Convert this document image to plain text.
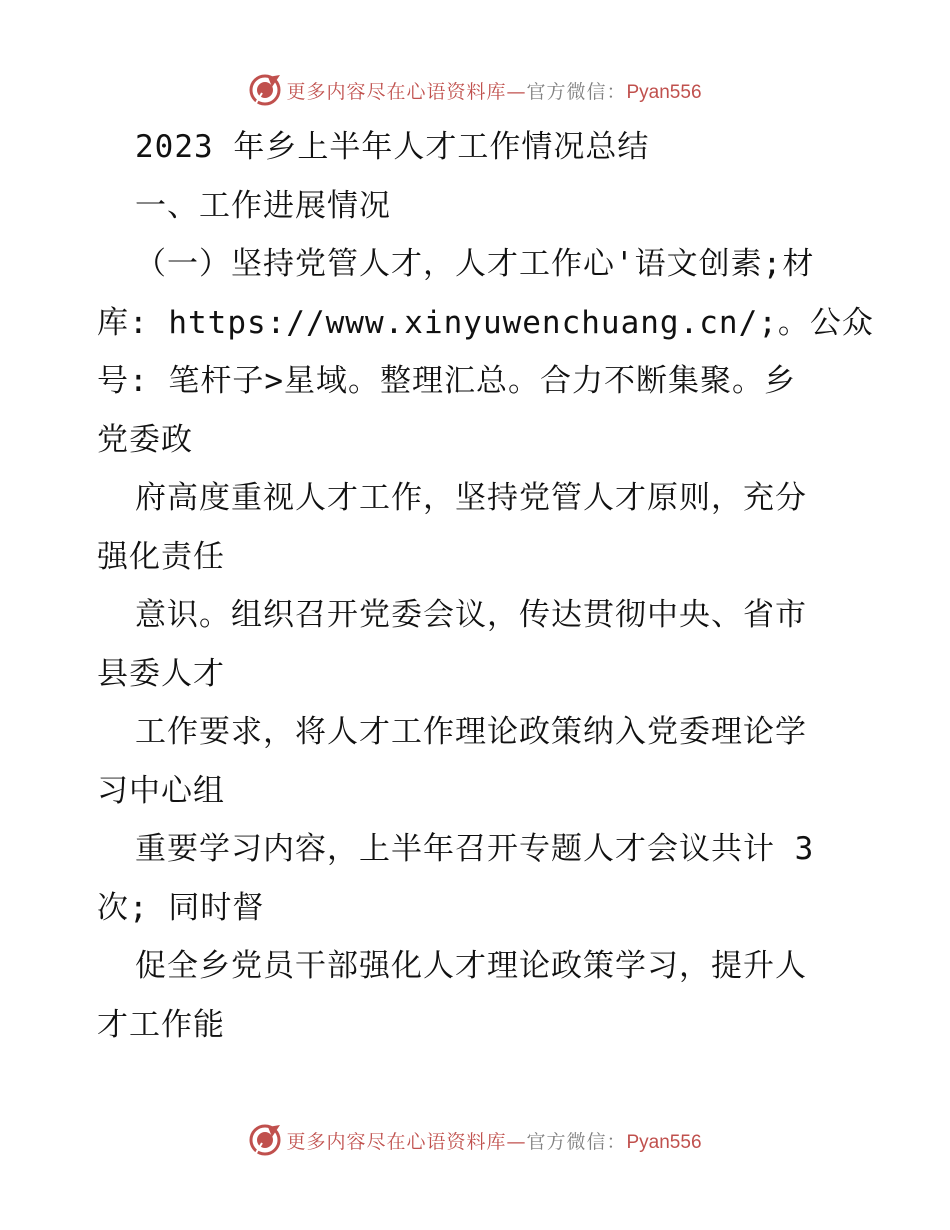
更多内容尽在心语资料库—官方微信：Pyan556
2023 年乡上半年人才工作情况总结
一、工作进展情况
（一）坚持党管人才，人才工作心'语文创素;材
库: https://www.xinyuwenchuang.cn/;。公众
号: 笔杆子>星域。整理汇总。合力不断集聚。乡
党委政
府高度重视人才工作，坚持党管人才原则，充分
强化责任
意识。组织召开党委会议，传达贯彻中央、省市
县委人才
工作要求，将人才工作理论政策纳入党委理论学
习中心组
重要学习内容，上半年召开专题人才会议共计 3
次; 同时督
促全乡党员干部强化人才理论政策学习，提升人
才工作能
更多内容尽在心语资料库—官方微信：Pyan556
